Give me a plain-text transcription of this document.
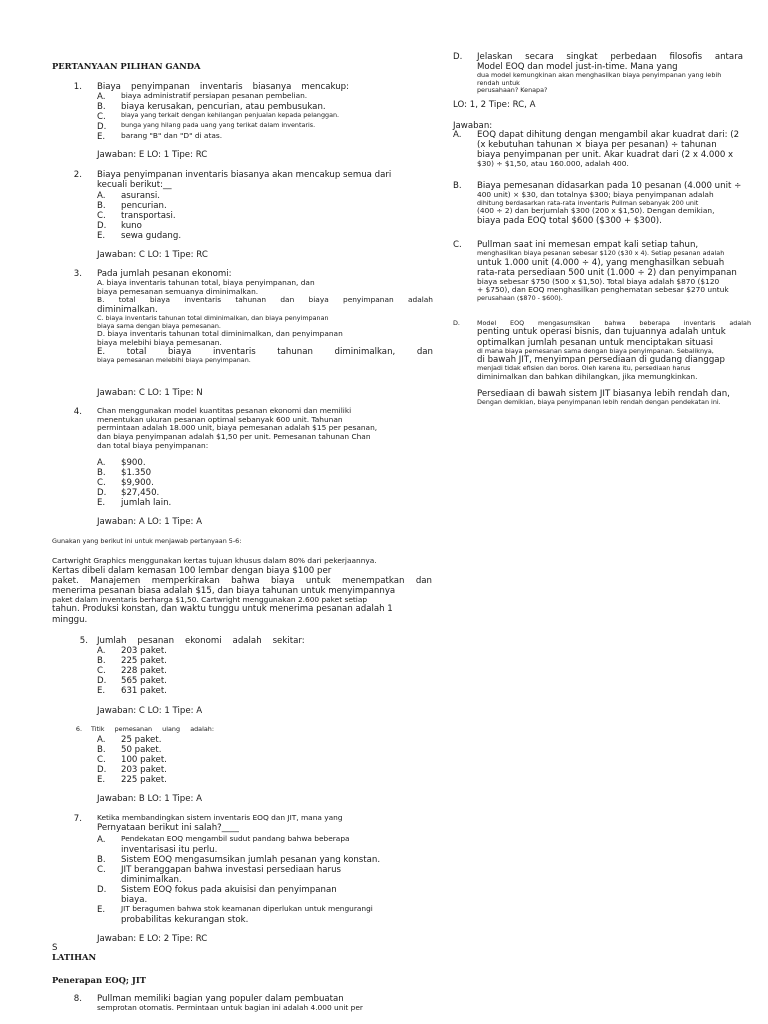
PERTANYAAN PILIHAN GANDA
1. Biaya penyimpanan inventaris biasanya mencakup:
A.	biaya administratif persiapan pesanan pembelian.
B.	biaya kerusakan, pencurian, atau pembusukan.
C.	biaya yang terkait dengan kehilangan penjualan kepada pelanggan.
D.	bunga yang hilang pada uang yang terikat dalam inventaris.
E.	barang "B" dan "D" di atas.
Jawaban: E LO: 1 Tipe: RC
2. Biaya penyimpanan inventaris biasanya akan mencakup semua dari
kecuali berikut:__
A.	asuransi.
B.	pencurian.
C.	transportasi.
D.	kuno
E.	sewa gudang.
Jawaban: C LO: 1 Tipe: RC
3. Pada jumlah pesanan ekonomi:
A. biaya inventaris tahunan total, biaya penyimpanan, dan
biaya pemesanan semuanya diminimalkan.
B. total biaya inventaris tahunan dan biaya penyimpanan adalah
diminimalkan.
C. biaya inventaris tahunan total diminimalkan, dan biaya penyimpanan
biaya sama dengan biaya pemesanan.
D. biaya inventaris tahunan total diminimalkan, dan penyimpanan
biaya melebihi biaya pemesanan.
E. total biaya inventaris tahunan diminimalkan, dan
biaya pemesanan melebihi biaya penyimpanan.
Jawaban: C LO: 1 Tipe: N
4. Chan menggunakan model kuantitas pesanan ekonomi dan memiliki
menentukan ukuran pesanan optimal sebanyak 600 unit. Tahunan
permintaan adalah 18.000 unit, biaya pemesanan adalah $15 per pesanan,
dan biaya penyimpanan adalah $1,50 per unit. Pemesanan tahunan Chan
dan total biaya penyimpanan:
A.	$900.
B.	$1.350
C.	$9,900.
D.	$27,450.
E.	jumlah lain.
Jawaban: A LO: 1 Tipe: A
Gunakan yang berikut ini untuk menjawab pertanyaan 5-6:
Cartwright Graphics menggunakan kertas tujuan khusus dalam 80% dari pekerjaannya.
Kertas dibeli dalam kemasan 100 lembar dengan biaya $100 per
paket. Manajemen memperkirakan bahwa biaya untuk menempatkan dan
menerima pesanan biasa adalah $15, dan biaya tahunan untuk menyimpannya
paket dalam inventaris berharga $1,50. Cartwright menggunakan 2.600 paket setiap
tahun. Produksi konstan, dan waktu tunggu untuk menerima pesanan adalah 1
minggu.
5. Jumlah    pesanan    ekonomi    adalah    sekitar:
A.	203 paket.
B.	225 paket.
C.	228 paket.
D.	565 paket.
E.	631 paket.
Jawaban: C LO: 1 Tipe: A
6. Titik     pemesanan     ulang     adalah:
A.	25 paket.
B.	50 paket.
C.	100 paket.
D.	203 paket.
E.	225 paket.
Jawaban: B LO: 1 Tipe: A
7. Ketika membandingkan sistem inventaris EOQ dan JIT, mana yang
Pernyataan berikut ini salah?____
A.	Pendekatan EOQ mengambil sudut pandang bahwa beberapa
inventarisasi itu perlu.
B.	Sistem EOQ mengasumsikan jumlah pesanan yang konstan.
C.	JIT beranggapan bahwa investasi persediaan harus
diminimalkan.
D.	Sistem EOQ fokus pada akuisisi dan penyimpanan
biaya.
E.	JIT beragumen bahwa stok keamanan diperlukan untuk mengurangi
probabilitas kekurangan stok.
Jawaban: E LO: 2 Tipe: RC
S
LATIHAN
Penerapan EOQ; JIT
8. Pullman memiliki bagian yang populer dalam pembuatan
semprotan otomatis. Permintaan untuk bagian ini adalah 4.000 unit per
D. Jelaskan secara singkat perbedaan filosofis antara
Model EOQ dan model just-in-time. Mana yang
dua model kemungkinan akan menghasilkan biaya penyimpanan yang lebih rendah untuk
perusahaan? Kenapa?
LO: 1, 2 Tipe: RC, A
Jawaban:
A. EOQ dapat dihitung dengan mengambil akar kuadrat dari: (2
(x kebutuhan tahunan × biaya per pesanan) ÷ tahunan
biaya penyimpanan per unit. Akar kuadrat dari (2 x 4.000 x
$30) ÷ $1,50, atau 160.000, adalah 400.
B. Biaya pemesanan didasarkan pada 10 pesanan (4.000 unit ÷
400 unit) × $30, dan totalnya $300; biaya penyimpanan adalah
dihitung berdasarkan rata-rata inventaris Pullman sebanyak 200 unit
(400 ÷ 2) dan berjumlah $300 (200 x $1,50). Dengan demikian,
biaya pada EOQ total $600 ($300 + $300).
C. Pullman saat ini memesan empat kali setiap tahun,
menghasilkan biaya pesanan sebesar $120 ($30 x 4). Setiap pesanan adalah
untuk 1.000 unit (4.000 ÷ 4), yang menghasilkan sebuah
rata-rata persediaan 500 unit (1.000 ÷ 2) dan penyimpanan
biaya sebesar $750 (500 x $1,50). Total biaya adalah $870 ($120
+ $750), dan EOQ menghasilkan penghematan sebesar $270 untuk
perusahaan ($870 - $600).
D.	Model EOQ mengasumsikan bahwa beberapa inventaris adalah
penting untuk operasi bisnis, dan tujuannya adalah untuk
optimalkan jumlah pesanan untuk menciptakan situasi
di mana biaya pemesanan sama dengan biaya penyimpanan. Sebaliknya,
di bawah JIT, menyimpan persediaan di gudang dianggap
menjadi tidak efisien dan boros. Oleh karena itu, persediaan harus
diminimalkan dan bahkan dihilangkan, jika memungkinkan.
Persediaan di bawah sistem JIT biasanya lebih rendah dan,
Dengan demikian, biaya penyimpanan lebih rendah dengan pendekatan ini.
